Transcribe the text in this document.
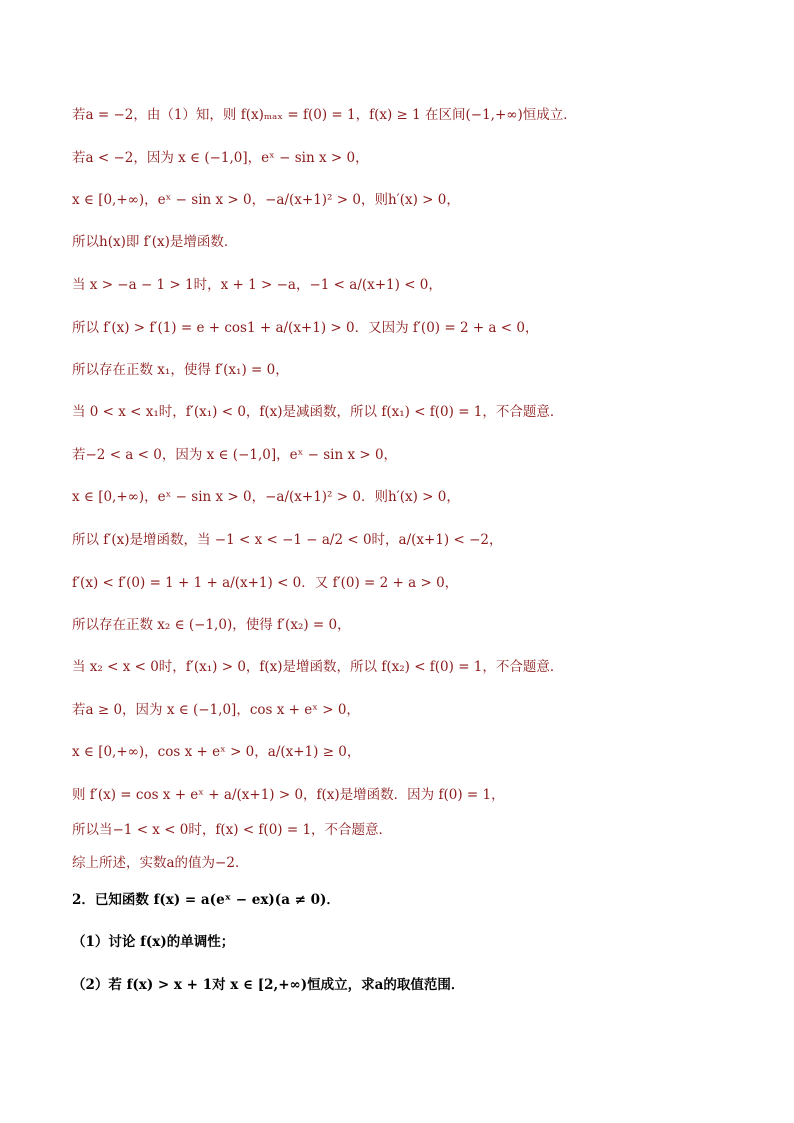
若a = −2，由（1）知，则 f(x)ₘₐₓ = f(0) = 1，f(x) ≥ 1 在区间(−1,+∞)恒成立．
若a < −2，因为 x ∈ (−1,0]，eˣ − sin x > 0，
x ∈ [0,+∞)，eˣ − sin x > 0，−a/(x+1)² > 0，则h′(x) > 0，
所以h(x)即 f′(x)是增函数．
当 x > −a − 1 > 1时，x + 1 > −a，−1 < a/(x+1) < 0，
所以 f′(x) > f′(1) = e + cos1 + a/(x+1) > 0．又因为 f′(0) = 2 + a < 0，
所以存在正数 x₁，使得 f′(x₁) = 0，
当 0 < x < x₁时，f′(x₁) < 0，f(x)是减函数，所以 f(x₁) < f(0) = 1，不合题意．
若−2 < a < 0，因为 x ∈ (−1,0]，eˣ − sin x > 0，
x ∈ [0,+∞)，eˣ − sin x > 0，−a/(x+1)² > 0．则h′(x) > 0，
所以 f′(x)是增函数，当 −1 < x < −1 − a/2 < 0时，a/(x+1) < −2，
f′(x) < f′(0) = 1 + 1 + a/(x+1) < 0．又 f′(0) = 2 + a > 0，
所以存在正数 x₂ ∈ (−1,0)，使得 f′(x₂) = 0，
当 x₂ < x < 0时，f′(x₁) > 0，f(x)是增函数，所以 f(x₂) < f(0) = 1，不合题意．
若a ≥ 0，因为 x ∈ (−1,0]，cos x + eˣ > 0，
x ∈ [0,+∞)，cos x + eˣ > 0，a/(x+1) ≥ 0，
则 f′(x) = cos x + eˣ + a/(x+1) > 0，f(x)是增函数．因为 f(0) = 1，
所以当−1 < x < 0时，f(x) < f(0) = 1，不合题意．
综上所述，实数a的值为−2．
2．已知函数 f(x) = a(eˣ − ex)(a ≠ 0)．
（1）讨论 f(x)的单调性；
（2）若 f(x) > x + 1对 x ∈ [2,+∞)恒成立，求a的取值范围．
